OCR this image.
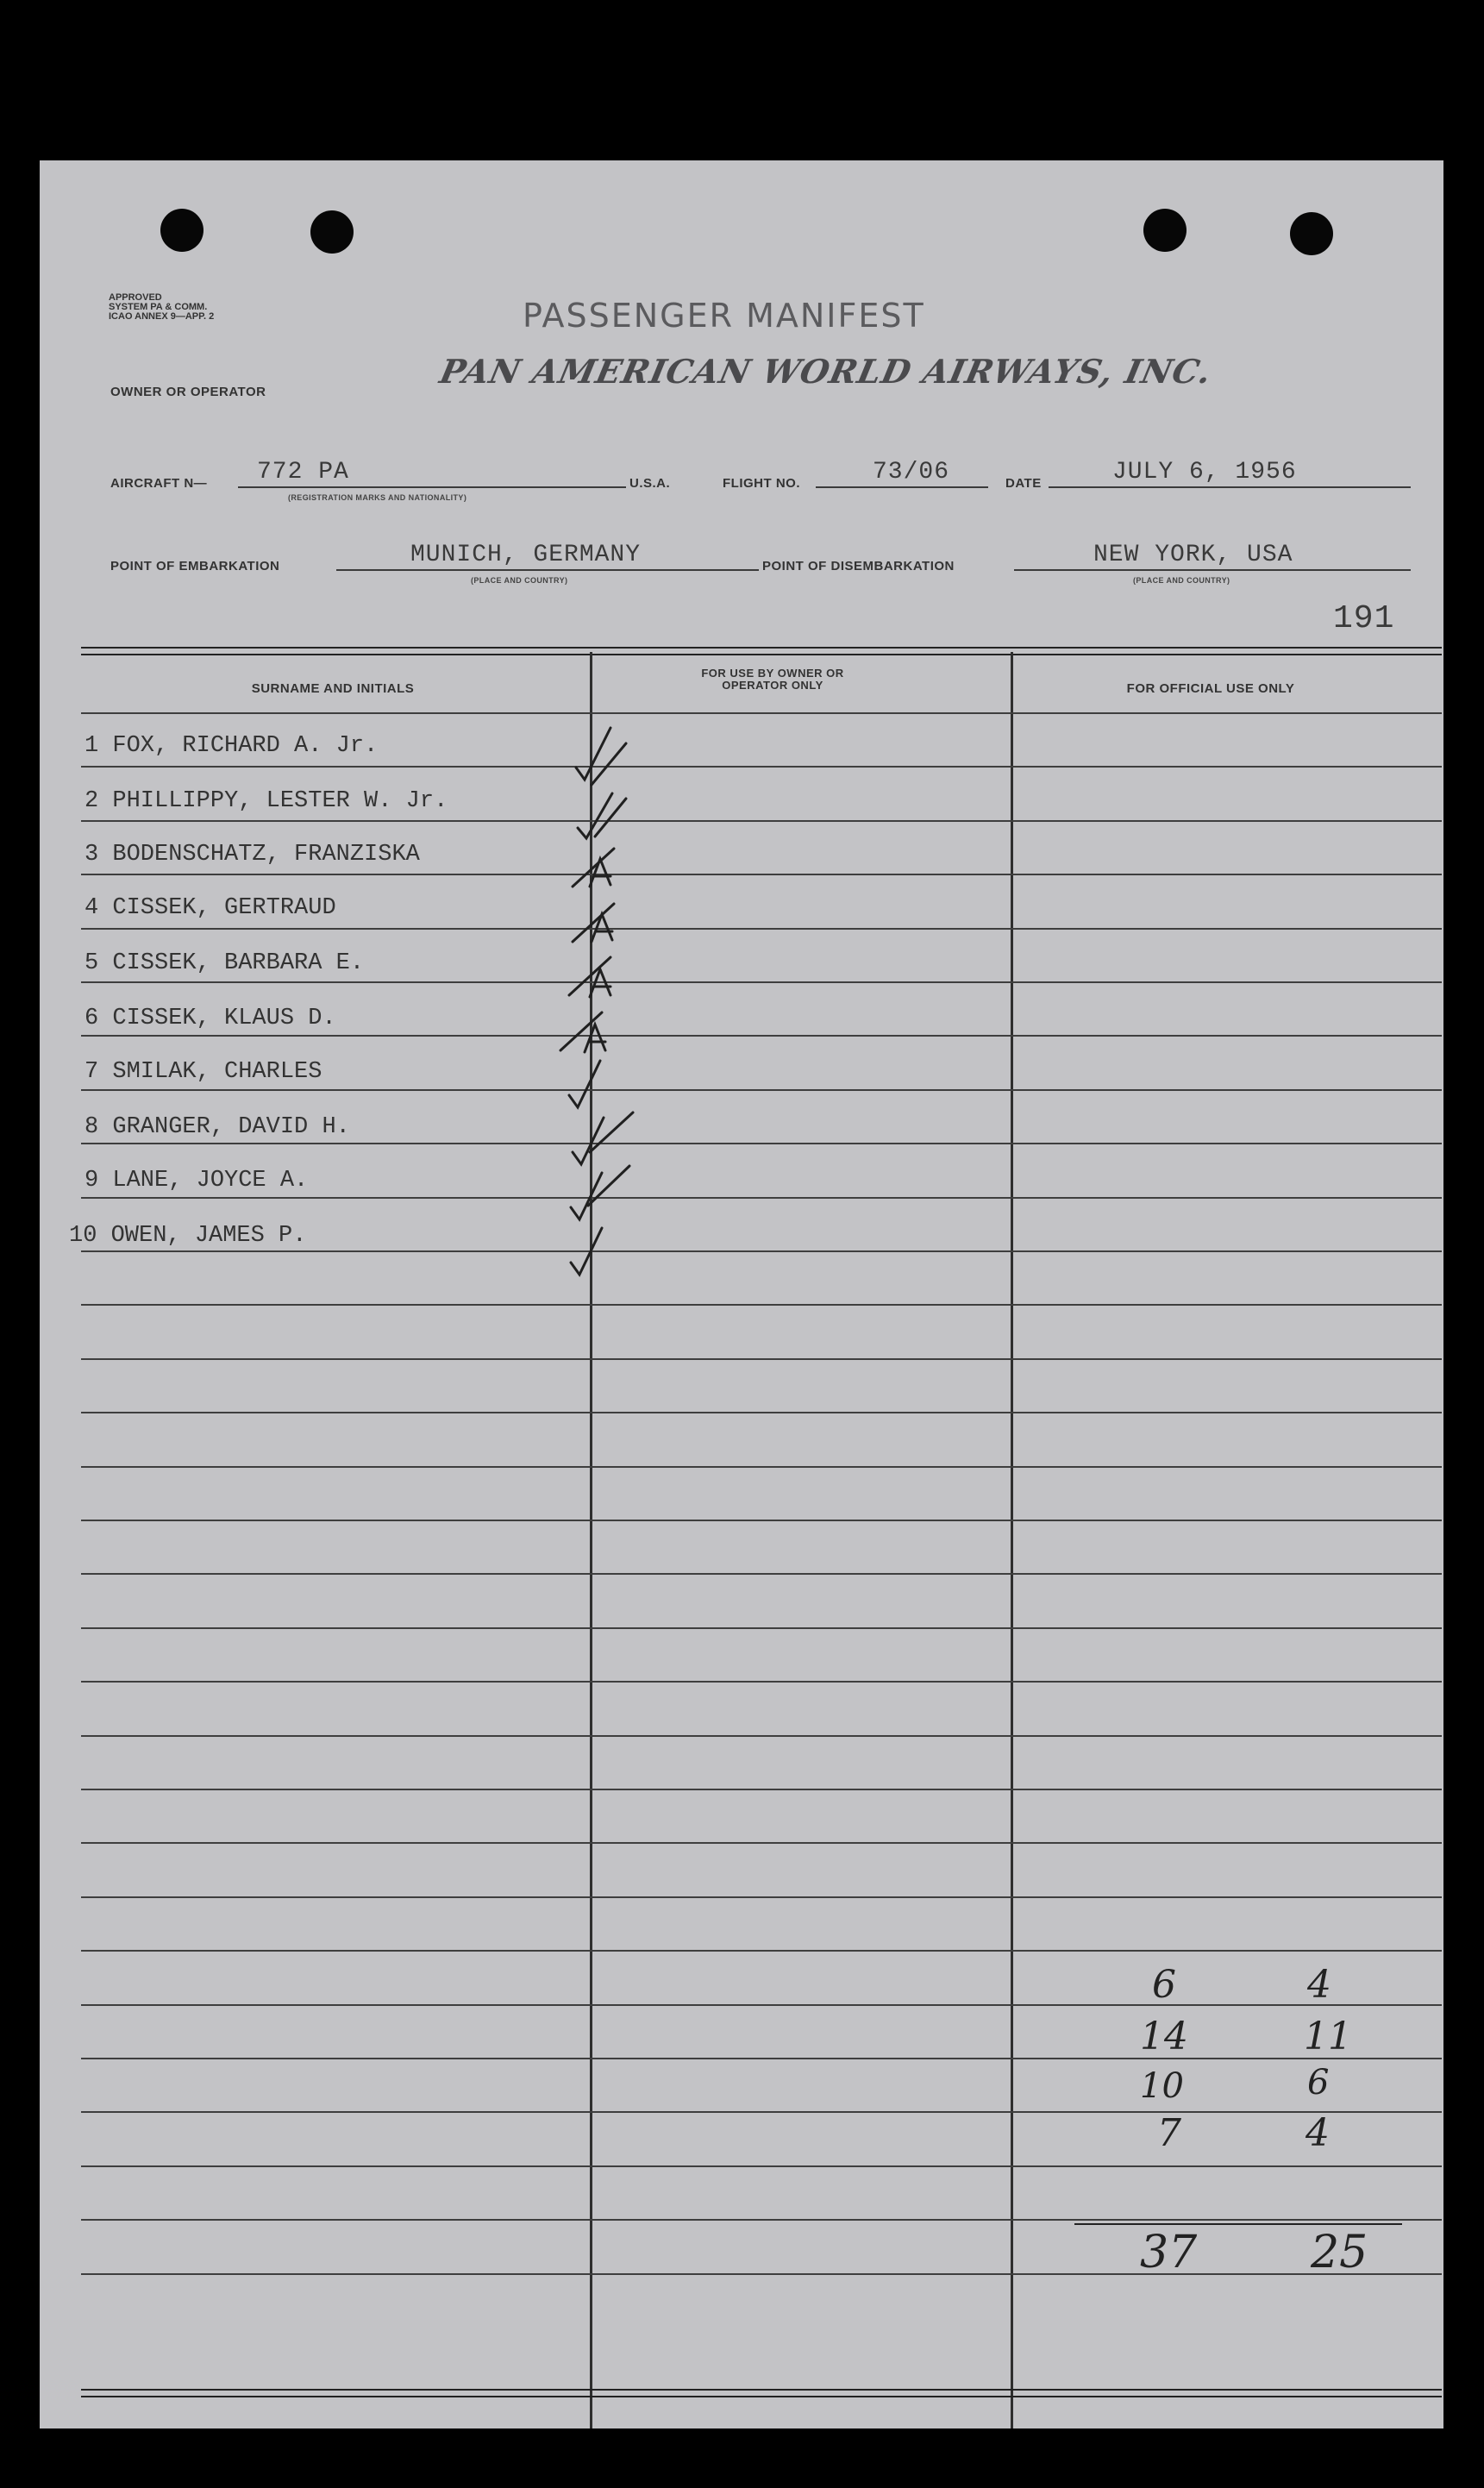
APPROVED
SYSTEM PA & COMM.
ICAO ANNEX 9—APP. 2	PASSENGER MANIFEST
OWNER OR OPERATOR
PAN AMERICAN WORLD AIRWAYS, INC.
AIRCRAFT N— 772 PA
(REGISTRATION MARKS AND NATIONALITY)
U.S.A.	FLIGHT NO.	73/06	DATE	JULY 6, 1956
POINT OF EMBARKATION	MUNICH, GERMANY
(PLACE AND COUNTRY)
POINT OF DISEMBARKATION	NEW YORK, USA
(PLACE AND COUNTRY)
191
SURNAME AND INITIALS
FOR USE BY OWNER OR OPERATOR ONLY	FOR OFFICIAL USE ONLY
1 FOX, RICHARD A. Jr.
2 PHILLIPPY, LESTER W. Jr.
3 BODENSCHATZ, FRANZISKA
4 CISSEK, GERTRAUD
5 CISSEK, BARBARA E.
6 CISSEK, KLAUS D.
7 SMILAK, CHARLES
8 GRANGER, DAVID H.
9 LANE, JOYCE A.
10 OWEN, JAMES P.
6	4
14	11
10	6
7	4
37	25
